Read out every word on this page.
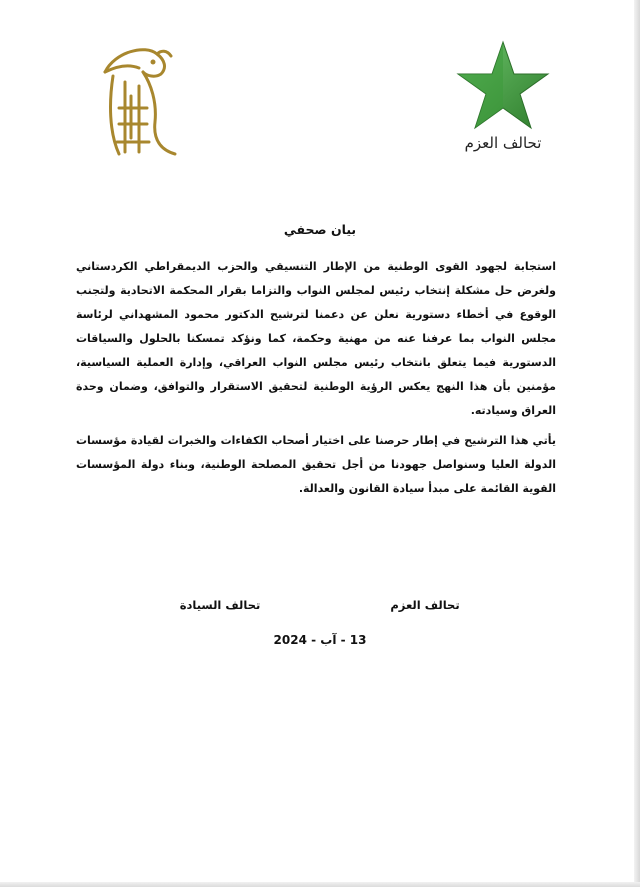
تحالف العزم
بيان صحفي

استجابة لجهود القوى الوطنية من الإطار التنسيقي والحزب الديمقراطي الكردستاني ولغرض حل مشكلة إنتخاب رئيس لمجلس النواب والتزاما بقرار المحكمة الاتحادية ولتجنب الوقوع في أخطاء دستورية نعلن عن دعمنا لترشيح الدكتور محمود المشهداني لرئاسة مجلس النواب بما عرفنا عنه من مهنية وحكمة، كما ونؤكد تمسكنا بالحلول والسياقات الدستورية فيما يتعلق بانتخاب رئيس مجلس النواب العراقي، وإدارة العملية السياسية، مؤمنين بأن هذا النهج يعكس الرؤية الوطنية لتحقيق الاستقرار والتوافق، وضمان وحدة العراق وسيادته.

يأتي هذا الترشيح في إطار حرصنا على اختيار أصحاب الكفاءات والخبرات لقيادة مؤسسات الدولة العليا وسنواصل جهودنا من أجل تحقيق المصلحة الوطنية، وبناء دولة المؤسسات القوية القائمة على مبدأ سيادة القانون والعدالة.

تحالف العزم
تحالف السيادة
13 - آب - 2024
